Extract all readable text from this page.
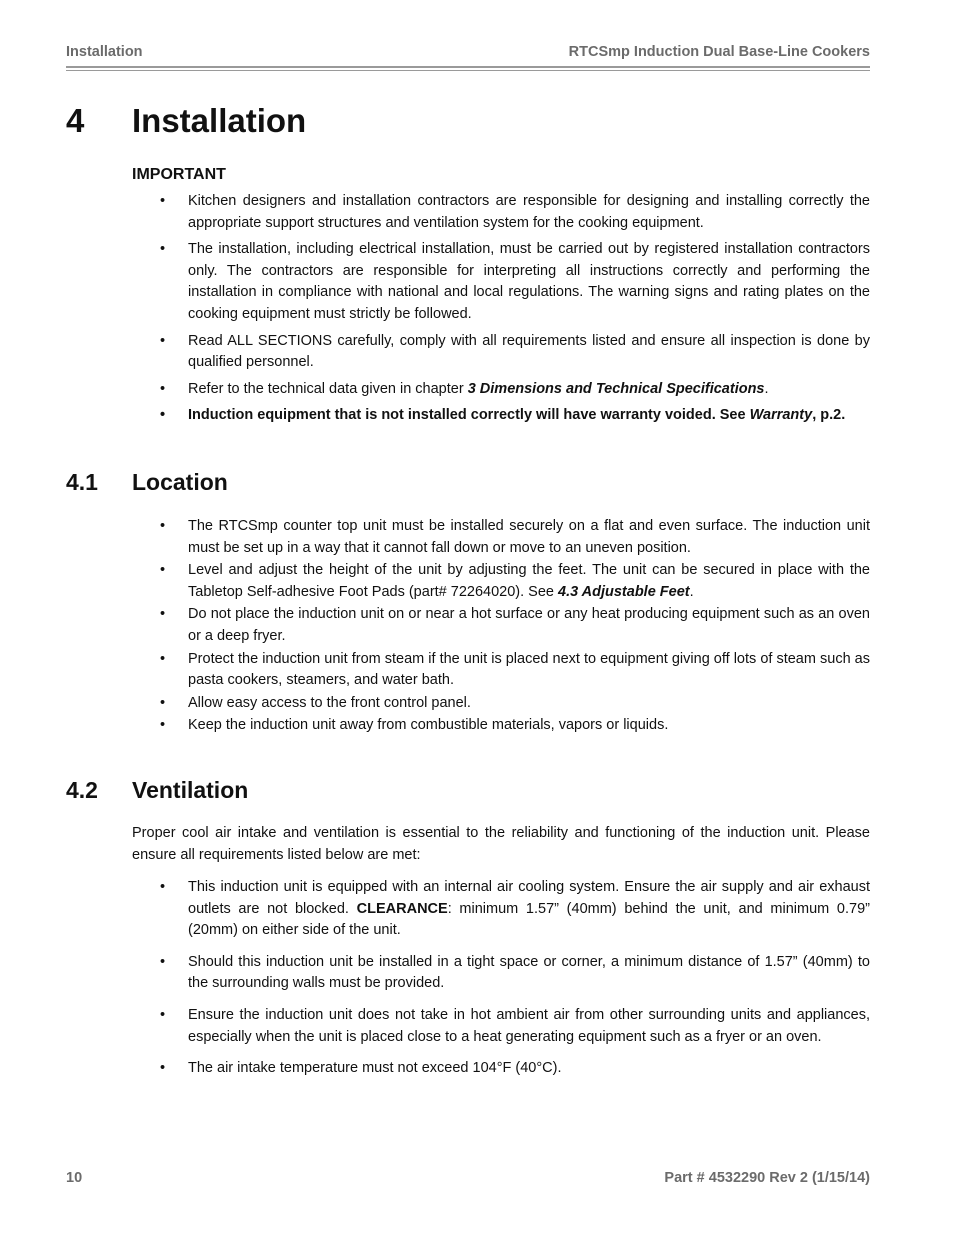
Installation	RTCSmp Induction Dual Base-Line Cookers
4 Installation
IMPORTANT
• Kitchen designers and installation contractors are responsible for designing and installing correctly the appropriate support structures and ventilation system for the cooking equipment.
• The installation, including electrical installation, must be carried out by registered installation contractors only. The contractors are responsible for interpreting all instructions correctly and performing the installation in compliance with national and local regulations. The warning signs and rating plates on the cooking equipment must strictly be followed.
• Read ALL SECTIONS carefully, comply with all requirements listed and ensure all inspection is done by qualified personnel.
• Refer to the technical data given in chapter 3 Dimensions and Technical Specifications.
• Induction equipment that is not installed correctly will have warranty voided. See Warranty, p.2.
4.1 Location
• The RTCSmp counter top unit must be installed securely on a flat and even surface. The induction unit must be set up in a way that it cannot fall down or move to an uneven position.
• Level and adjust the height of the unit by adjusting the feet. The unit can be secured in place with the Tabletop Self-adhesive Foot Pads (part# 72264020). See 4.3 Adjustable Feet.
• Do not place the induction unit on or near a hot surface or any heat producing equipment such as an oven or a deep fryer.
• Protect the induction unit from steam if the unit is placed next to equipment giving off lots of steam such as pasta cookers, steamers, and water bath.
• Allow easy access to the front control panel.
• Keep the induction unit away from combustible materials, vapors or liquids.
4.2 Ventilation

Proper cool air intake and ventilation is essential to the reliability and functioning of the induction unit. Please ensure all requirements listed below are met:

• This induction unit is equipped with an internal air cooling system. Ensure the air supply and air exhaust outlets are not blocked. CLEARANCE: minimum 1.57” (40mm) behind the unit, and minimum 0.79” (20mm) on either side of the unit.
• Should this induction unit be installed in a tight space or corner, a minimum distance of 1.57” (40mm) to the surrounding walls must be provided.
• Ensure the induction unit does not take in hot ambient air from other surrounding units and appliances, especially when the unit is placed close to a heat generating equipment such as a fryer or an oven.
• The air intake temperature must not exceed 104°F (40°C).
10	Part # 4532290 Rev 2 (1/15/14)
